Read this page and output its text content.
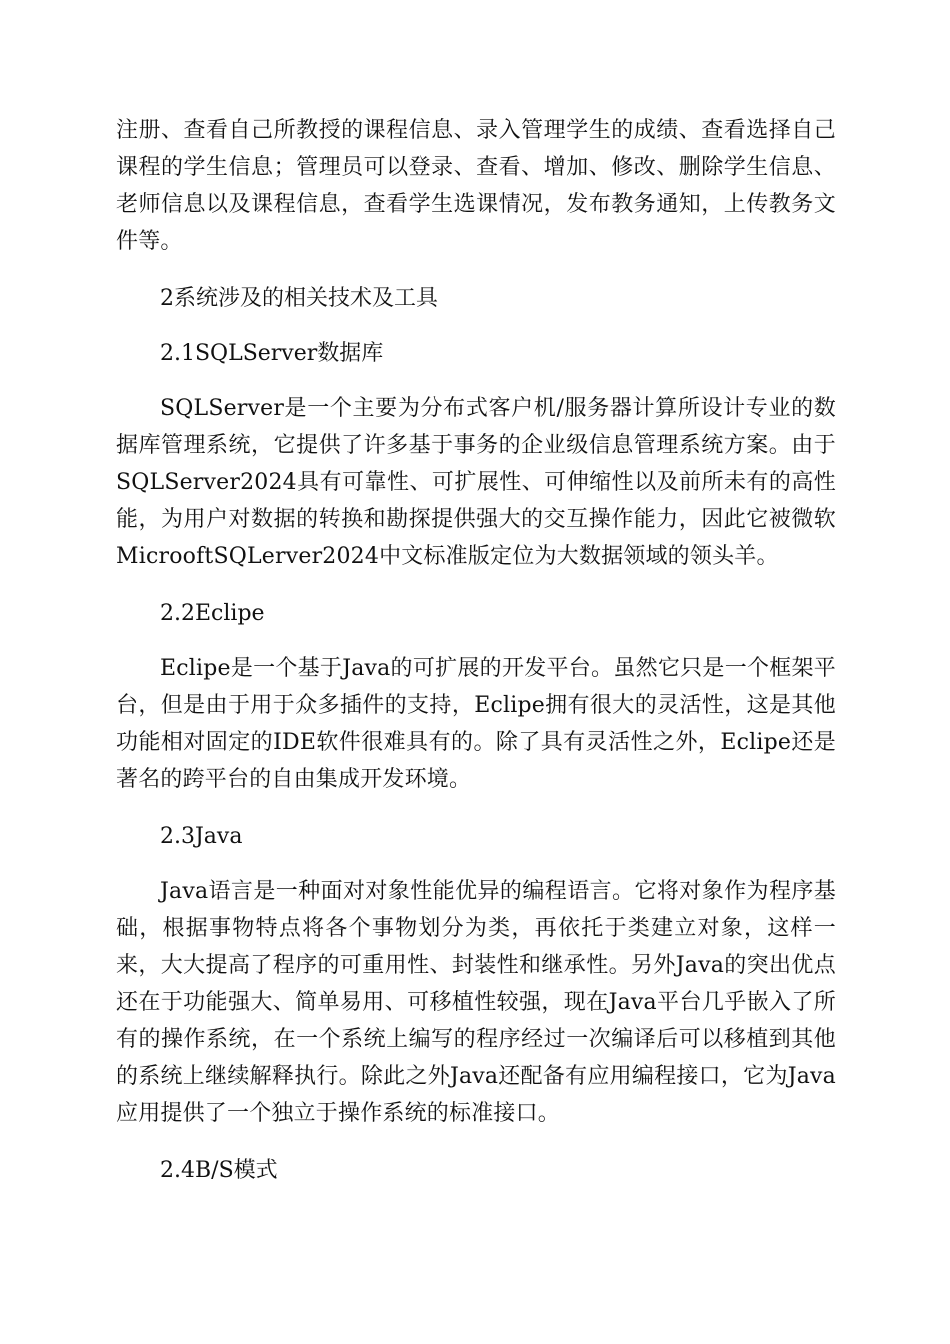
注册、查看自己所教授的课程信息、录入管理学生的成绩、查看选择自己课程的学生信息；管理员可以登录、查看、增加、修改、删除学生信息、老师信息以及课程信息，查看学生选课情况，发布教务通知，上传教务文件等。

2系统涉及的相关技术及工具

2.1SQLServer数据库

SQLServer是一个主要为分布式客户机/服务器计算所设计专业的数据库管理系统，它提供了许多基于事务的企业级信息管理系统方案。由于SQLServer2024具有可靠性、可扩展性、可伸缩性以及前所未有的高性能，为用户对数据的转换和勘探提供强大的交互操作能力，因此它被微软MicrooftSQLerver2024中文标准版定位为大数据领域的领头羊。

2.2Eclipe

Eclipe是一个基于Java的可扩展的开发平台。虽然它只是一个框架平台，但是由于用于众多插件的支持，Eclipe拥有很大的灵活性，这是其他功能相对固定的IDE软件很难具有的。除了具有灵活性之外，Eclipe还是著名的跨平台的自由集成开发环境。

2.3Java

Java语言是一种面对对象性能优异的编程语言。它将对象作为程序基础，根据事物特点将各个事物划分为类，再依托于类建立对象，这样一来，大大提高了程序的可重用性、封装性和继承性。另外Java的突出优点还在于功能强大、简单易用、可移植性较强，现在Java平台几乎嵌入了所有的操作系统，在一个系统上编写的程序经过一次编译后可以移植到其他的系统上继续解释执行。除此之外Java还配备有应用编程接口，它为Java应用提供了一个独立于操作系统的标准接口。

2.4B/S模式
